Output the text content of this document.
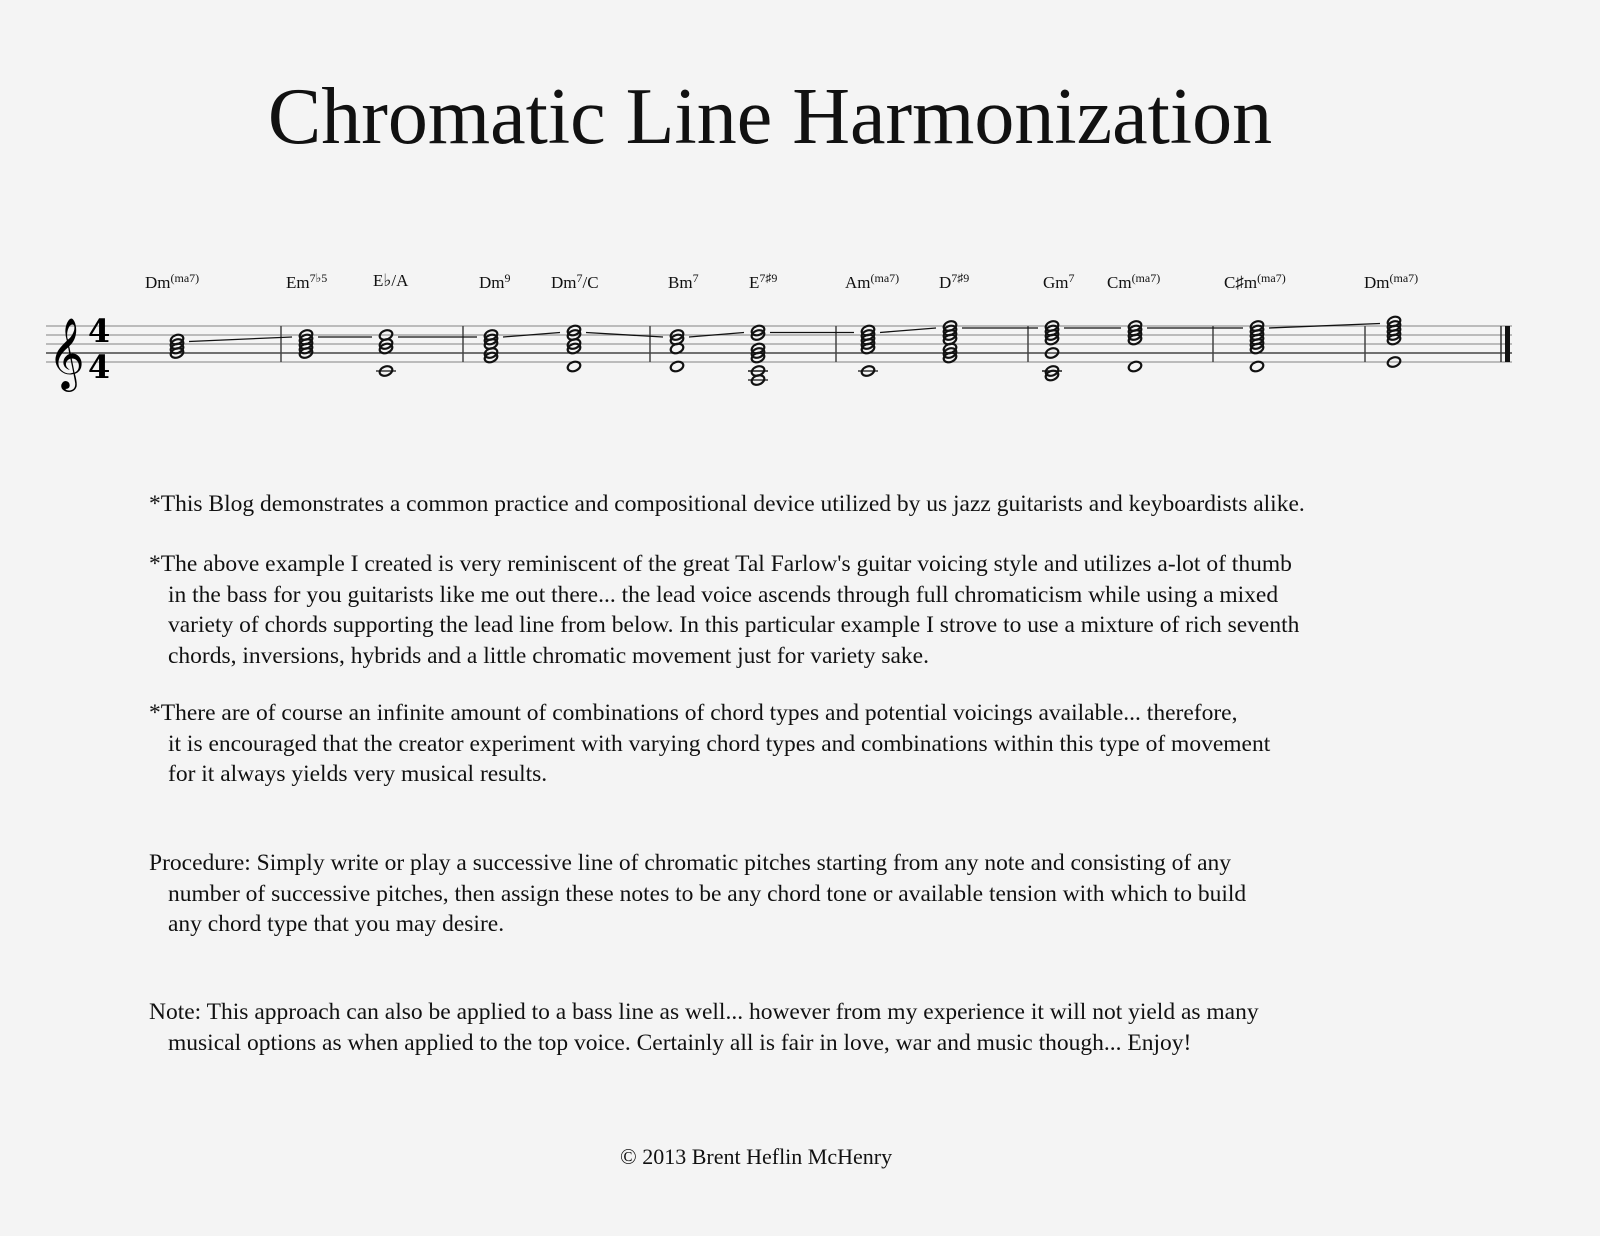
Chromatic Line Harmonization
𝄞 4
4
$Dm^{(ma7)}$	$Em^{7♭5}$	E♭/A	Dm$^9$ Dm$^7$/C	Bm$^7$	$E^{7♯9}$	$Am^{(ma7)}$ $D^{7♯9}$	Gm$^7$ $Cm^{(ma7)}$	$C♯m^{(ma7)}$	$Dm^{(ma7)}$
*This Blog demonstrates a common practice and compositional device utilized by us jazz guitarists and keyboardists alike.
*The above example I created is very reminiscent of the great Tal Farlow's guitar voicing style and utilizes a-lot of thumb
in the bass for you guitarists like me out there... the lead voice ascends through full chromaticism while using a mixed
variety of chords supporting the lead line from below. In this particular example I strove to use a mixture of rich seventh
chords, inversions, hybrids and a little chromatic movement just for variety sake.
*There are of course an infinite amount of combinations of chord types and potential voicings available... therefore,
it is encouraged that the creator experiment with varying chord types and combinations within this type of movement
for it always yields very musical results.
Procedure: Simply write or play a successive line of chromatic pitches starting from any note and consisting of any
number of successive pitches, then assign these notes to be any chord tone or available tension with which to build
any chord type that you may desire.
Note: This approach can also be applied to a bass line as well... however from my experience it will not yield as many
musical options as when applied to the top voice. Certainly all is fair in love, war and music though... Enjoy!
© 2013 Brent Heflin McHenry
